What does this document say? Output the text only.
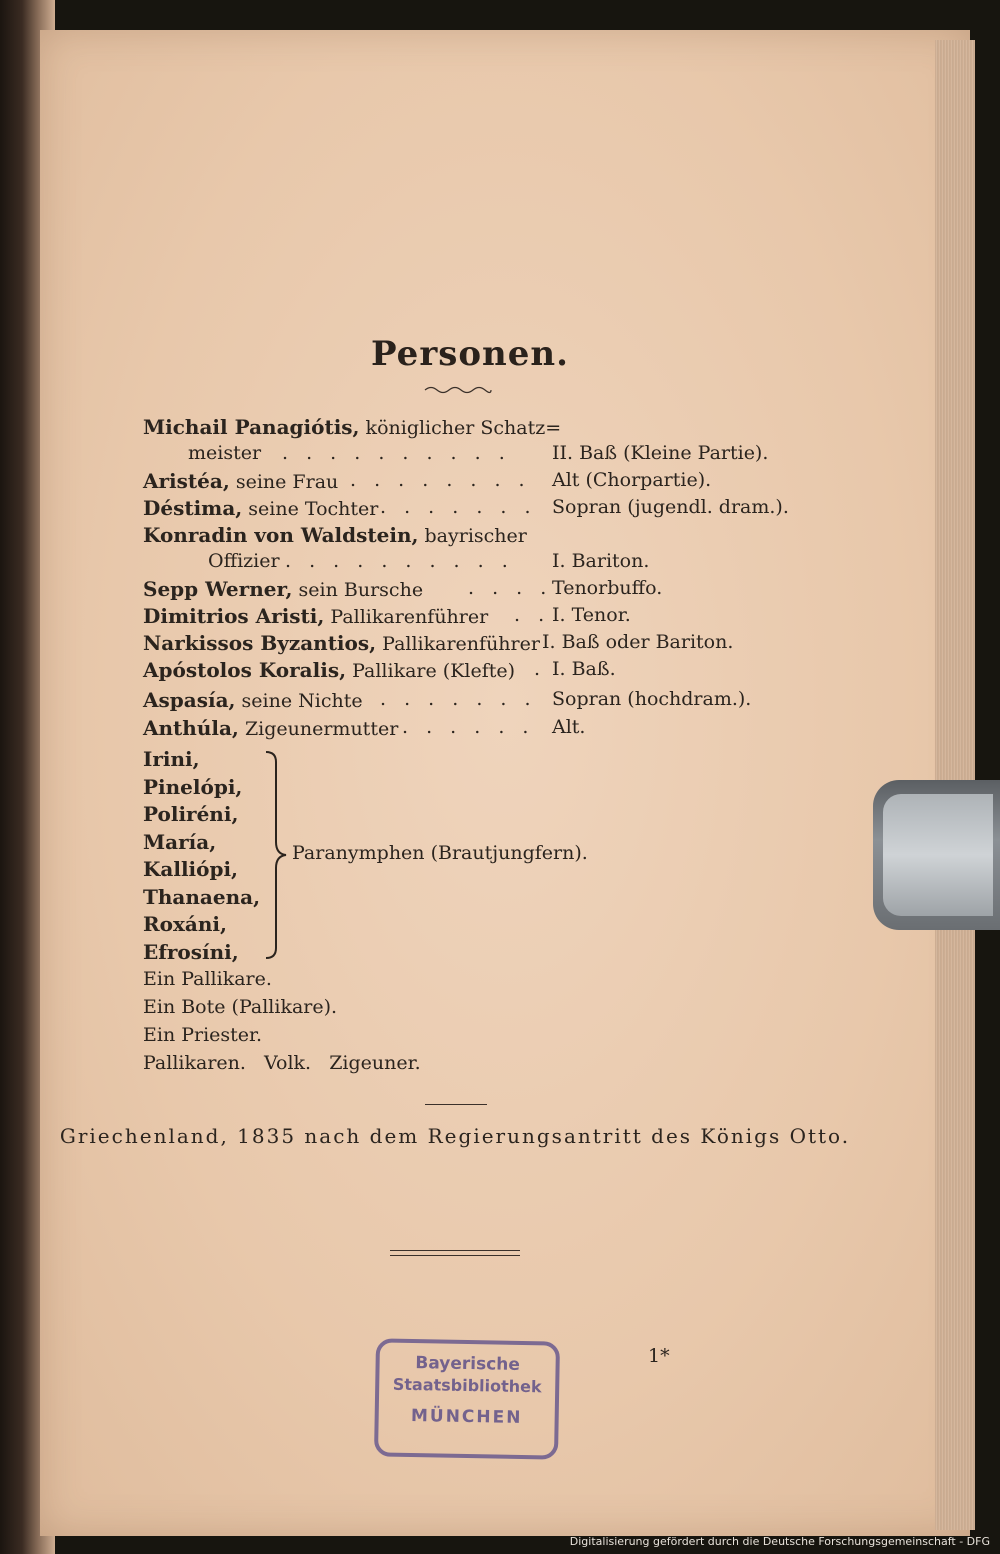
Personen.
Michail Panagiótis, königlicher Schatz=
meister . . . . . . . . . . II. Baß (Kleine Partie).
Aristéa, seine Frau . . . . . . . . Alt (Chorpartie).
Déstima, seine Tochter . . . . . . . Sopran (jugendl. dram.).
Konradin von Waldstein, bayrischer
Offizier . . . . . . . . . . I. Bariton.
Sepp Werner, sein Bursche . . . . Tenorbuffo.
Dimitrios Aristi, Pallikarenführer . . I. Tenor.
Narkissos Byzantios, Pallikarenführer I. Baß oder Bariton.
Apóstolos Koralis, Pallikare (Klefte) . I. Baß.
Aspasía, seine Nichte . . . . . . . Sopran (hochdram.).
Anthúla, Zigeunermutter . . . . . . Alt.
Irini,
Pinelópi,
Poliréni,
María,
Kalliópi,
Thanaena,
Roxáni,
Efrosíni,
Paranymphen (Brautjungfern).
Ein Pallikare.
Ein Bote (Pallikare).
Ein Priester.
Pallikaren.   Volk.   Zigeuner.
Griechenland, 1835 nach dem Regierungsantritt des Königs Otto.
Bayerische
Staatsbibliothek
MÜNCHEN
1*
Digitalisierung gefördert durch die Deutsche Forschungsgemeinschaft - DFG
